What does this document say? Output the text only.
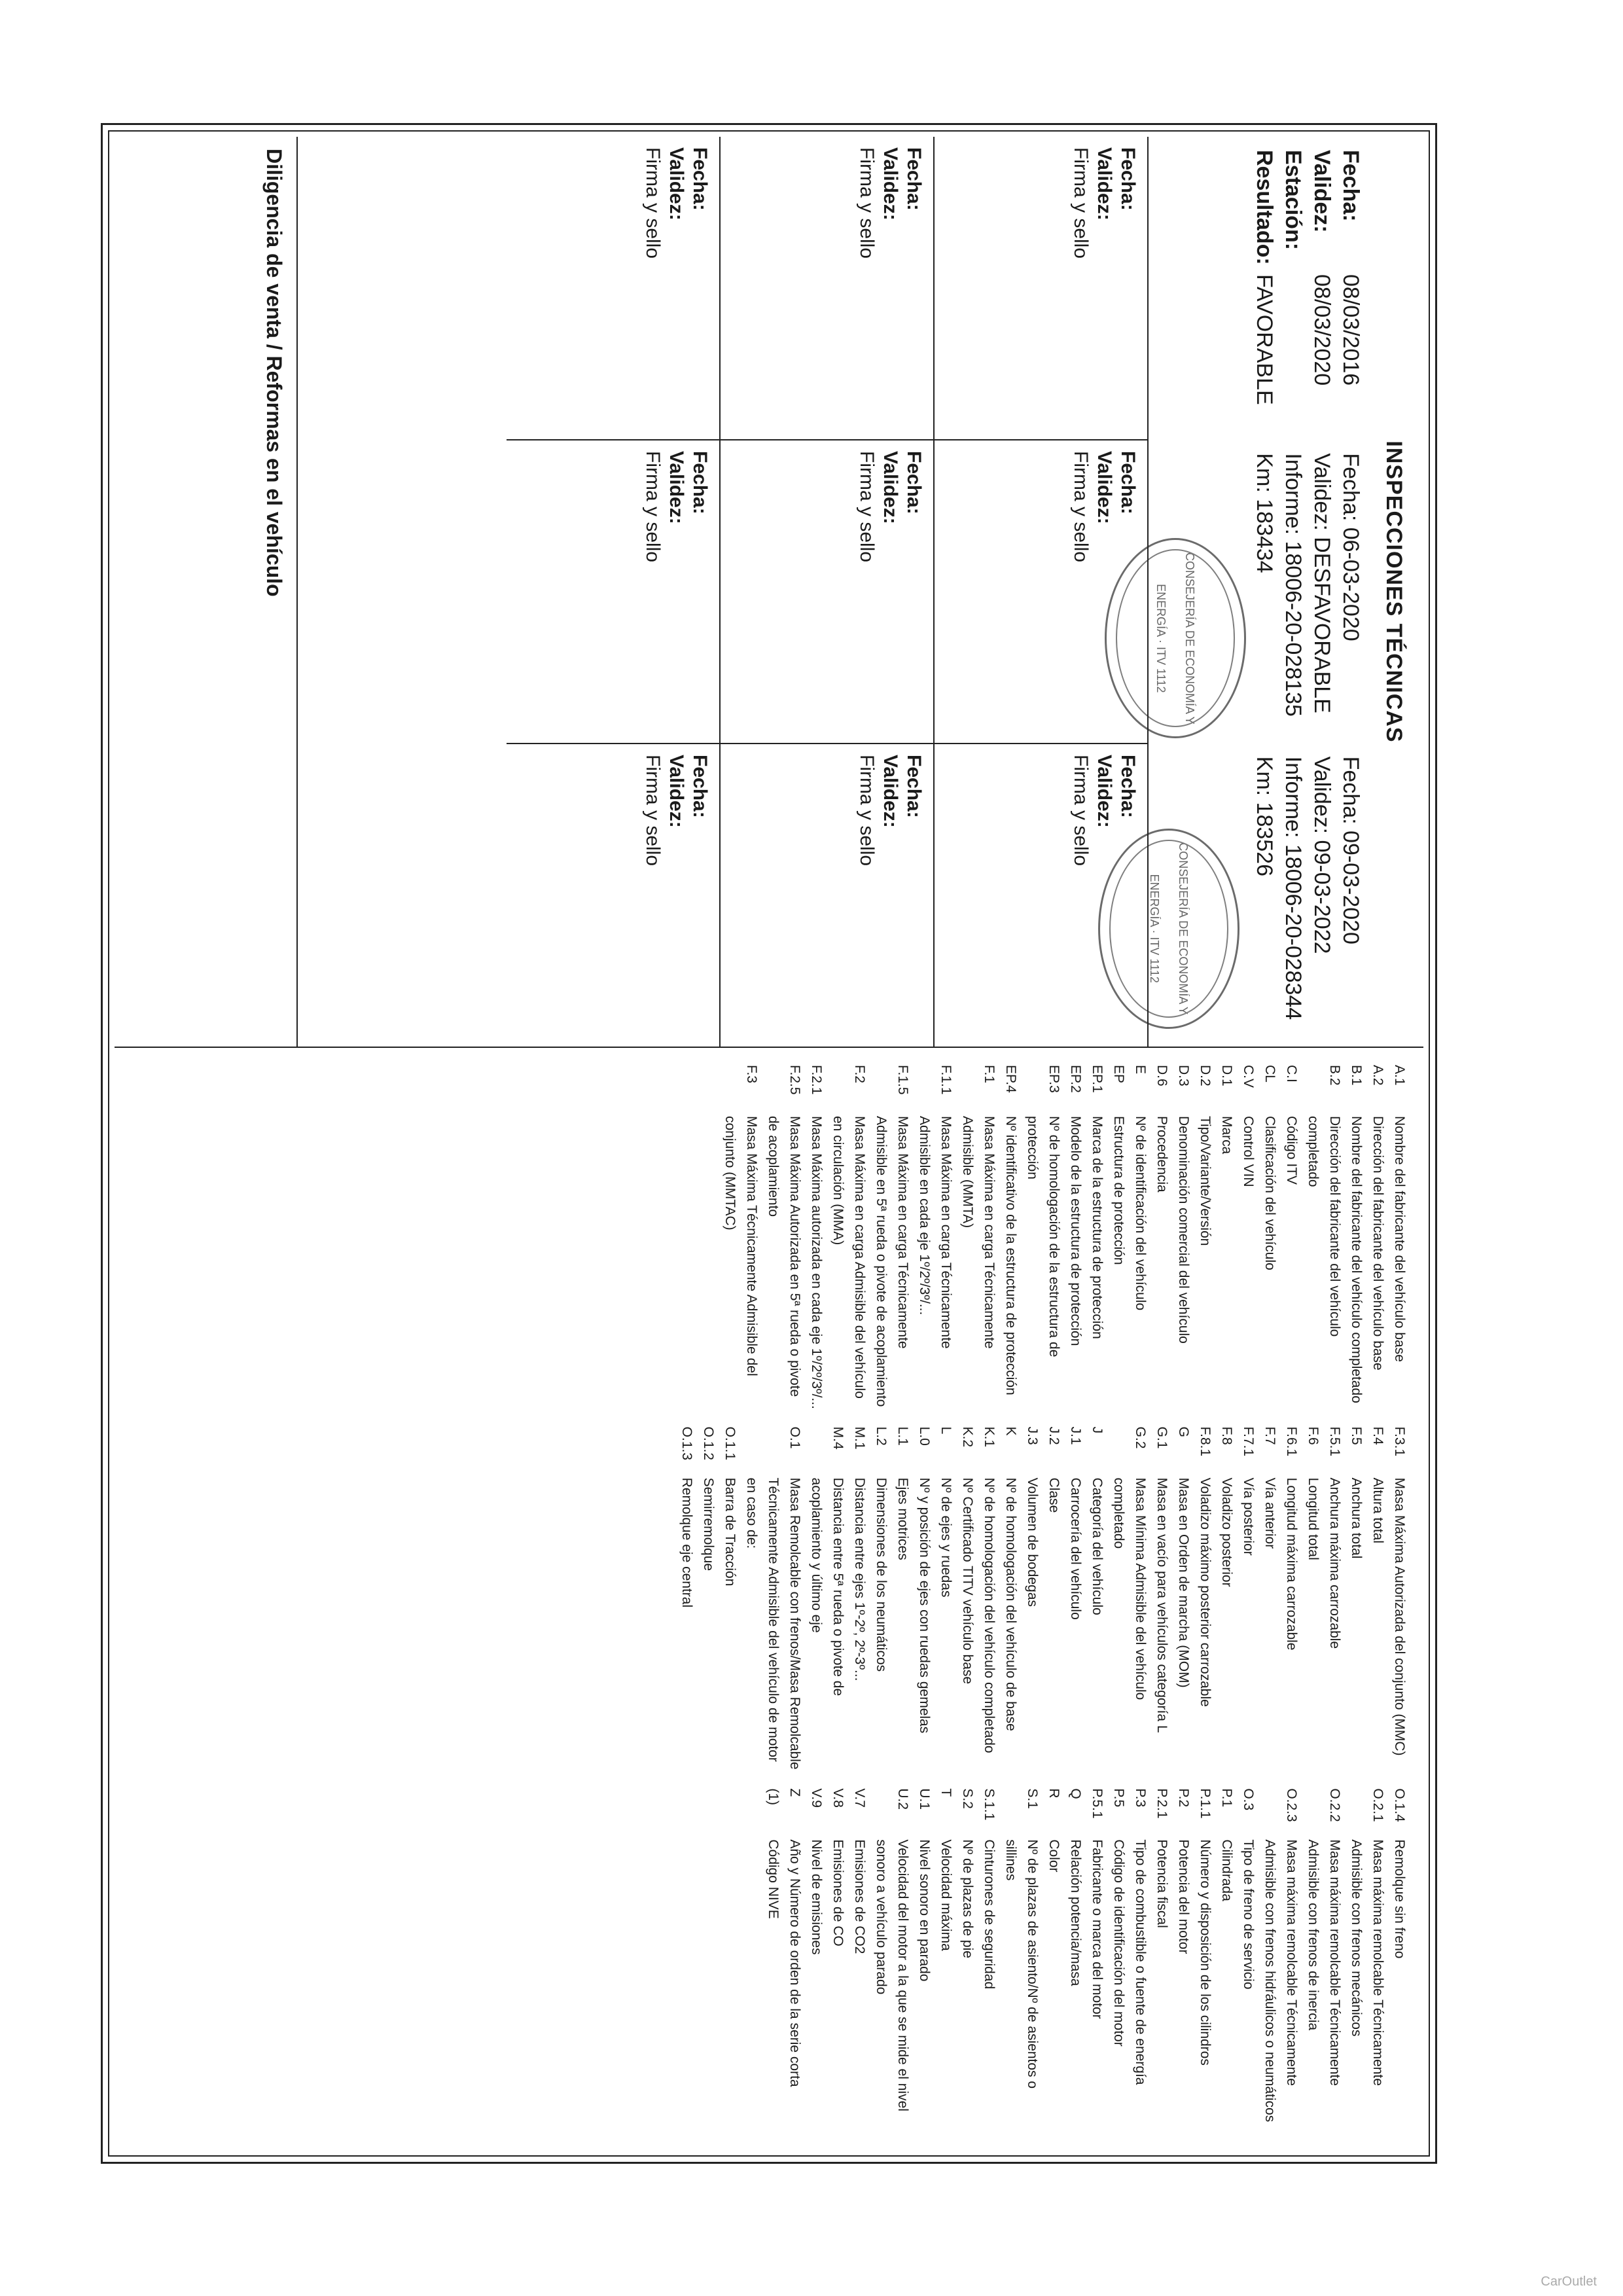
INSPECCIONES TÉCNICAS
Fecha:08/03/2016
Validez:08/03/2020
Estación:
Resultado:FAVORABLE
Fecha: 06-03-2020
Validez: DESFAVORABLE
Informe: 18006-20-028135
Km: 183434
CONSEJERÍA DE ECONOMÍA Y ENERGÍA · ITV 1112
Fecha: 09-03-2020
Validez: 09-03-2022
Informe: 18006-20-028344
Km: 183526
CONSEJERÍA DE ECONOMÍA Y ENERGÍA · ITV 1112
Fecha:
Validez:
Firma y sello
Fecha:
Validez:
Firma y sello
Fecha:
Validez:
Firma y sello
Fecha:
Validez:
Firma y sello
Fecha:
Validez:
Firma y sello
Fecha:
Validez:
Firma y sello
Fecha:
Validez:
Firma y sello
Fecha:
Validez:
Firma y sello
Fecha:
Validez:
Firma y sello
Diligencia de venta / Reformas en el vehículo
A.1
Nombre del fabricante del vehículo base
A.2
Dirección del fabricante del vehículo base
B.1
Nombre del fabricante del vehículo completado
B.2
Dirección del fabricante del vehículo completado
C.I
Código ITV
CL
Clasificación del vehículo
C.V
Control VIN
D.1
Marca
D.2
Tipo/Variante/Versión
D.3
Denominación comercial del vehículo
D.6
Procedencia
E
Nº de identificación del vehículo
EP
Estructura de protección
EP.1
Marca de la estructura de protección
EP.2
Modelo de la estructura de protección
EP.3
Nº de homologación de la estructura de protección
EP.4
Nº identificativo de la estructura de protección
F.1
Masa Máxima en carga Técnicamente Admisible (MMTA)
F.1.1
Masa Máxima en carga Técnicamente Admisible en cada eje 1º/2º/3º/...
F.1.5
Masa Máxima en carga Técnicamente Admisible en 5ª rueda o pivote de acoplamiento
F.2
Masa Máxima en carga Admisible del vehículo en circulación (MMA)
F.2.1
Masa Máxima autorizada en cada eje 1º/2º/3º/...
F.2.5
Masa Máxima Autorizada en 5ª rueda o pivote de acoplamiento
F.3
Masa Máxima Técnicamente Admisible del conjunto (MMTAC)
F.3.1
Masa Máxima Autorizada del conjunto (MMC)
F.4
Altura total
F.5
Anchura total
F.5.1
Anchura máxima carrozable
F.6
Longitud total
F.6.1
Longitud máxima carrozable
F.7
Vía anterior
F.7.1
Vía posterior
F.8
Voladizo posterior
F.8.1
Voladizo máximo posterior carrozable
G
Masa en Orden de marcha (MOM)
G.1
Masa en vacío para vehículos categoría L
G.2
Masa Mínima Admisible del vehículo completado
J
Categoría del vehículo
J.1
Carrocería del vehículo
J.2
Clase
J.3
Volumen de bodegas
K
Nº de homologación del vehículo de base
K.1
Nº de homologación del vehículo completado
K.2
Nº Certificado TITV vehículo base
L
Nº de ejes y ruedas
L.0
Nº y posición de ejes con ruedas gemelas
L.1
Ejes motrices
L.2
Dimensiones de los neumáticos
M.1
Distancia entre ejes 1º-2º, 2º-3º...
M.4
Distancia entre 5ª rueda o pivote de acoplamiento y último eje
O.1
Masa Remolcable con frenos/Masa Remolcable Técnicamente Admisible del vehículo de motor en caso de:
O.1.1
Barra de Tracción
O.1.2
Semirremolque
O.1.3
Remolque eje central
O.1.4
Remolque sin freno
O.2.1
Masa máxima remolcable Técnicamente Admisible con frenos mecánicos
O.2.2
Masa máxima remolcable Técnicamente Admisible con frenos de inercia
O.2.3
Masa máxima remolcable Técnicamente Admisible con frenos hidráulicos o neumáticos
O.3
Tipo de freno de servicio
P.1
Cilindrada
P.1.1
Número y disposición de los cilindros
P.2
Potencia del motor
P.2.1
Potencia fiscal
P.3
Tipo de combustible o fuente de energía
P.5
Código de identificación del motor
P.5.1
Fabricante o marca del motor
Q
Relación potencia/masa
R
Color
S.1
Nº de plazas de asiento/Nº de asientos o sillines
S.1.1
Cinturones de seguridad
S.2
Nº de plazas de pie
T
Velocidad máxima
U.1
Nivel sonoro en parado
U.2
Velocidad del motor a la que se mide el nivel sonoro a vehículo parado
V.7
Emisiones de CO2
V.8
Emisiones de CO
V.9
Nivel de emisiones
Z
Año y Número de orden de la serie corta
(1)
Código NIVE
CarOutlet
